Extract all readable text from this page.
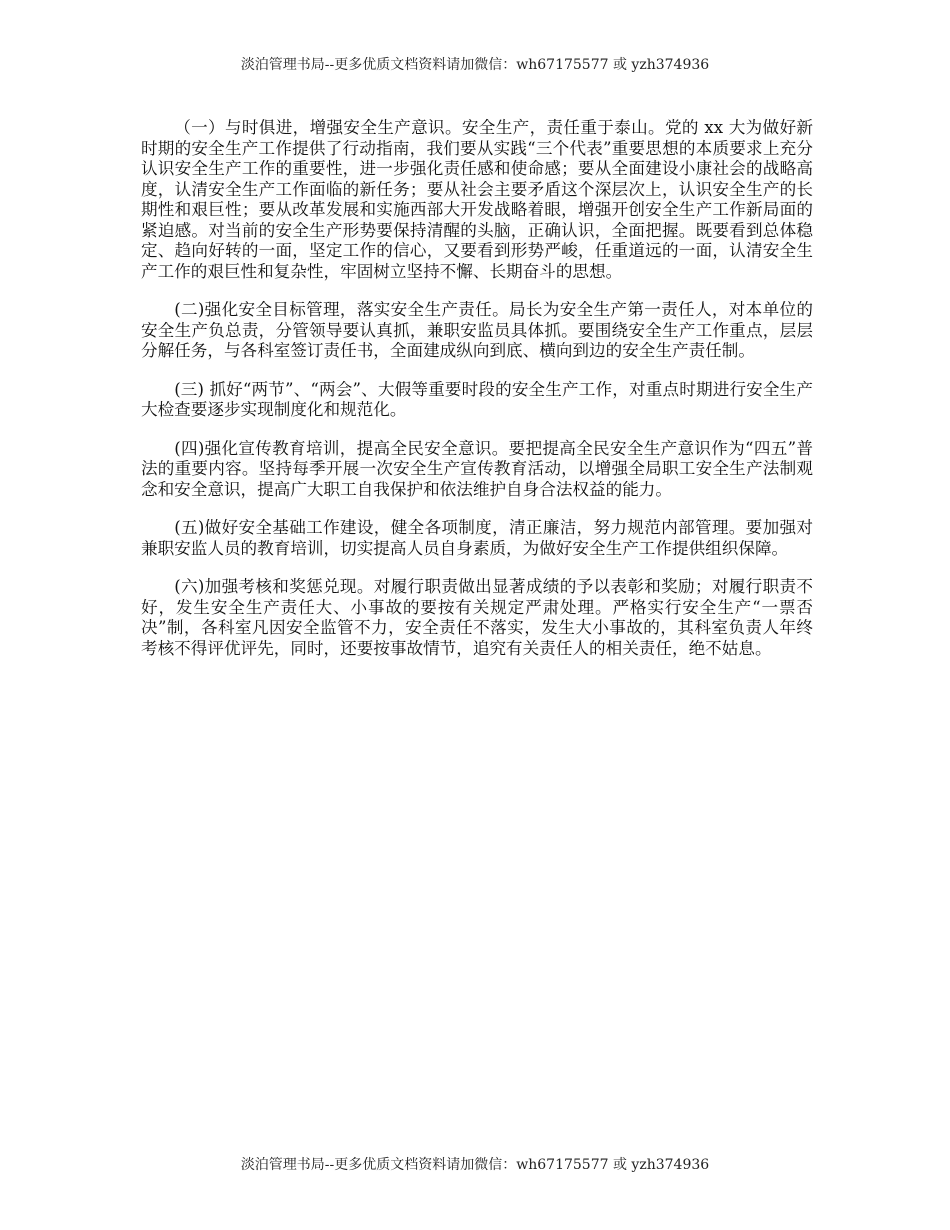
淡泊管理书局--更多优质文档资料请加微信：wh67175577 或 yzh374936

（一）与时俱进，增强安全生产意识。安全生产，责任重于泰山。党的 xx 大为做好新时期的安全生产工作提供了行动指南，我们要从实践“三个代表”重要思想的本质要求上充分认识安全生产工作的重要性，进一步强化责任感和使命感；要从全面建设小康社会的战略高度，认清安全生产工作面临的新任务；要从社会主要矛盾这个深层次上，认识安全生产的长期性和艰巨性；要从改革发展和实施西部大开发战略着眼，增强开创安全生产工作新局面的紧迫感。对当前的安全生产形势要保持清醒的头脑，正确认识，全面把握。既要看到总体稳定、趋向好转的一面，坚定工作的信心，又要看到形势严峻，任重道远的一面，认清安全生产工作的艰巨性和复杂性，牢固树立坚持不懈、长期奋斗的思想。

(二)强化安全目标管理，落实安全生产责任。局长为安全生产第一责任人，对本单位的安全生产负总责，分管领导要认真抓，兼职安监员具体抓。要围绕安全生产工作重点，层层分解任务，与各科室签订责任书，全面建成纵向到底、横向到边的安全生产责任制。

(三) 抓好“两节”、“两会”、大假等重要时段的安全生产工作，对重点时期进行安全生产大检查要逐步实现制度化和规范化。

(四)强化宣传教育培训，提高全民安全意识。要把提高全民安全生产意识作为“四五”普法的重要内容。坚持每季开展一次安全生产宣传教育活动，以增强全局职工安全生产法制观念和安全意识，提高广大职工自我保护和依法维护自身合法权益的能力。

(五)做好安全基础工作建设，健全各项制度，清正廉洁，努力规范内部管理。要加强对兼职安监人员的教育培训，切实提高人员自身素质，为做好安全生产工作提供组织保障。

(六)加强考核和奖惩兑现。对履行职责做出显著成绩的予以表彰和奖励；对履行职责不好，发生安全生产责任大、小事故的要按有关规定严肃处理。严格实行安全生产“一票否决”制，各科室凡因安全监管不力，安全责任不落实，发生大小事故的，其科室负责人年终考核不得评优评先，同时，还要按事故情节，追究有关责任人的相关责任，绝不姑息。

淡泊管理书局--更多优质文档资料请加微信：wh67175577 或 yzh374936
